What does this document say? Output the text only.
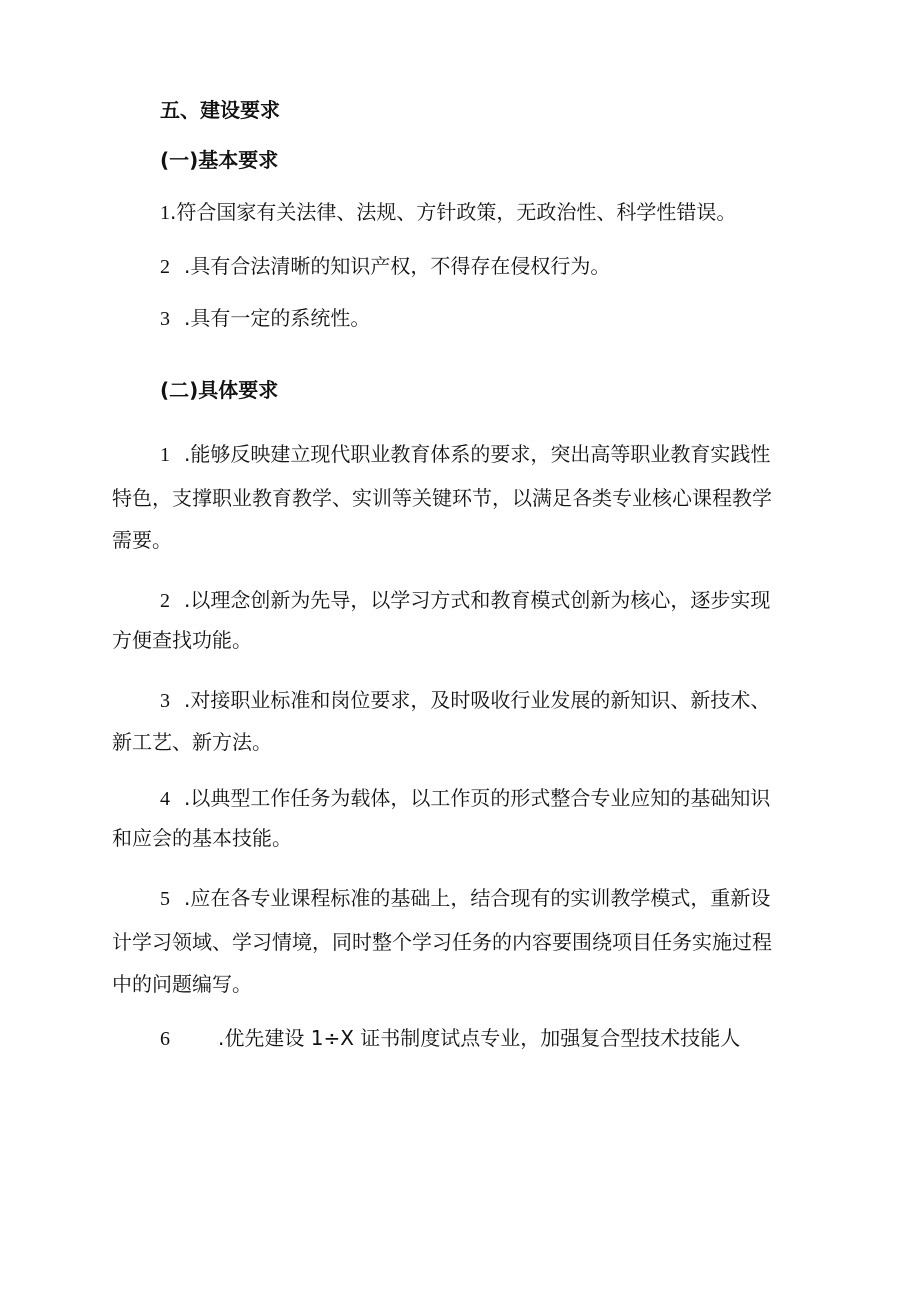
五、建设要求
(一)基本要求
1.符合国家有关法律、法规、方针政策，无政治性、科学性错误。
2 .具有合法清晰的知识产权，不得存在侵权行为。
3 .具有一定的系统性。
(二)具体要求
1 .能够反映建立现代职业教育体系的要求，突出高等职业教育实践性
特色，支撑职业教育教学、实训等关键环节，以满足各类专业核心课程教学
需要。
2 .以理念创新为先导，以学习方式和教育模式创新为核心，逐步实现
方便查找功能。
3 .对接职业标准和岗位要求，及时吸收行业发展的新知识、新技术、
新工艺、新方法。
4 .以典型工作任务为载体，以工作页的形式整合专业应知的基础知识
和应会的基本技能。
5 .应在各专业课程标准的基础上，结合现有的实训教学模式，重新设
计学习领域、学习情境，同时整个学习任务的内容要围绕项目任务实施过程
中的问题编写。
6 .优先建设 1÷X 证书制度试点专业，加强复合型技术技能人
